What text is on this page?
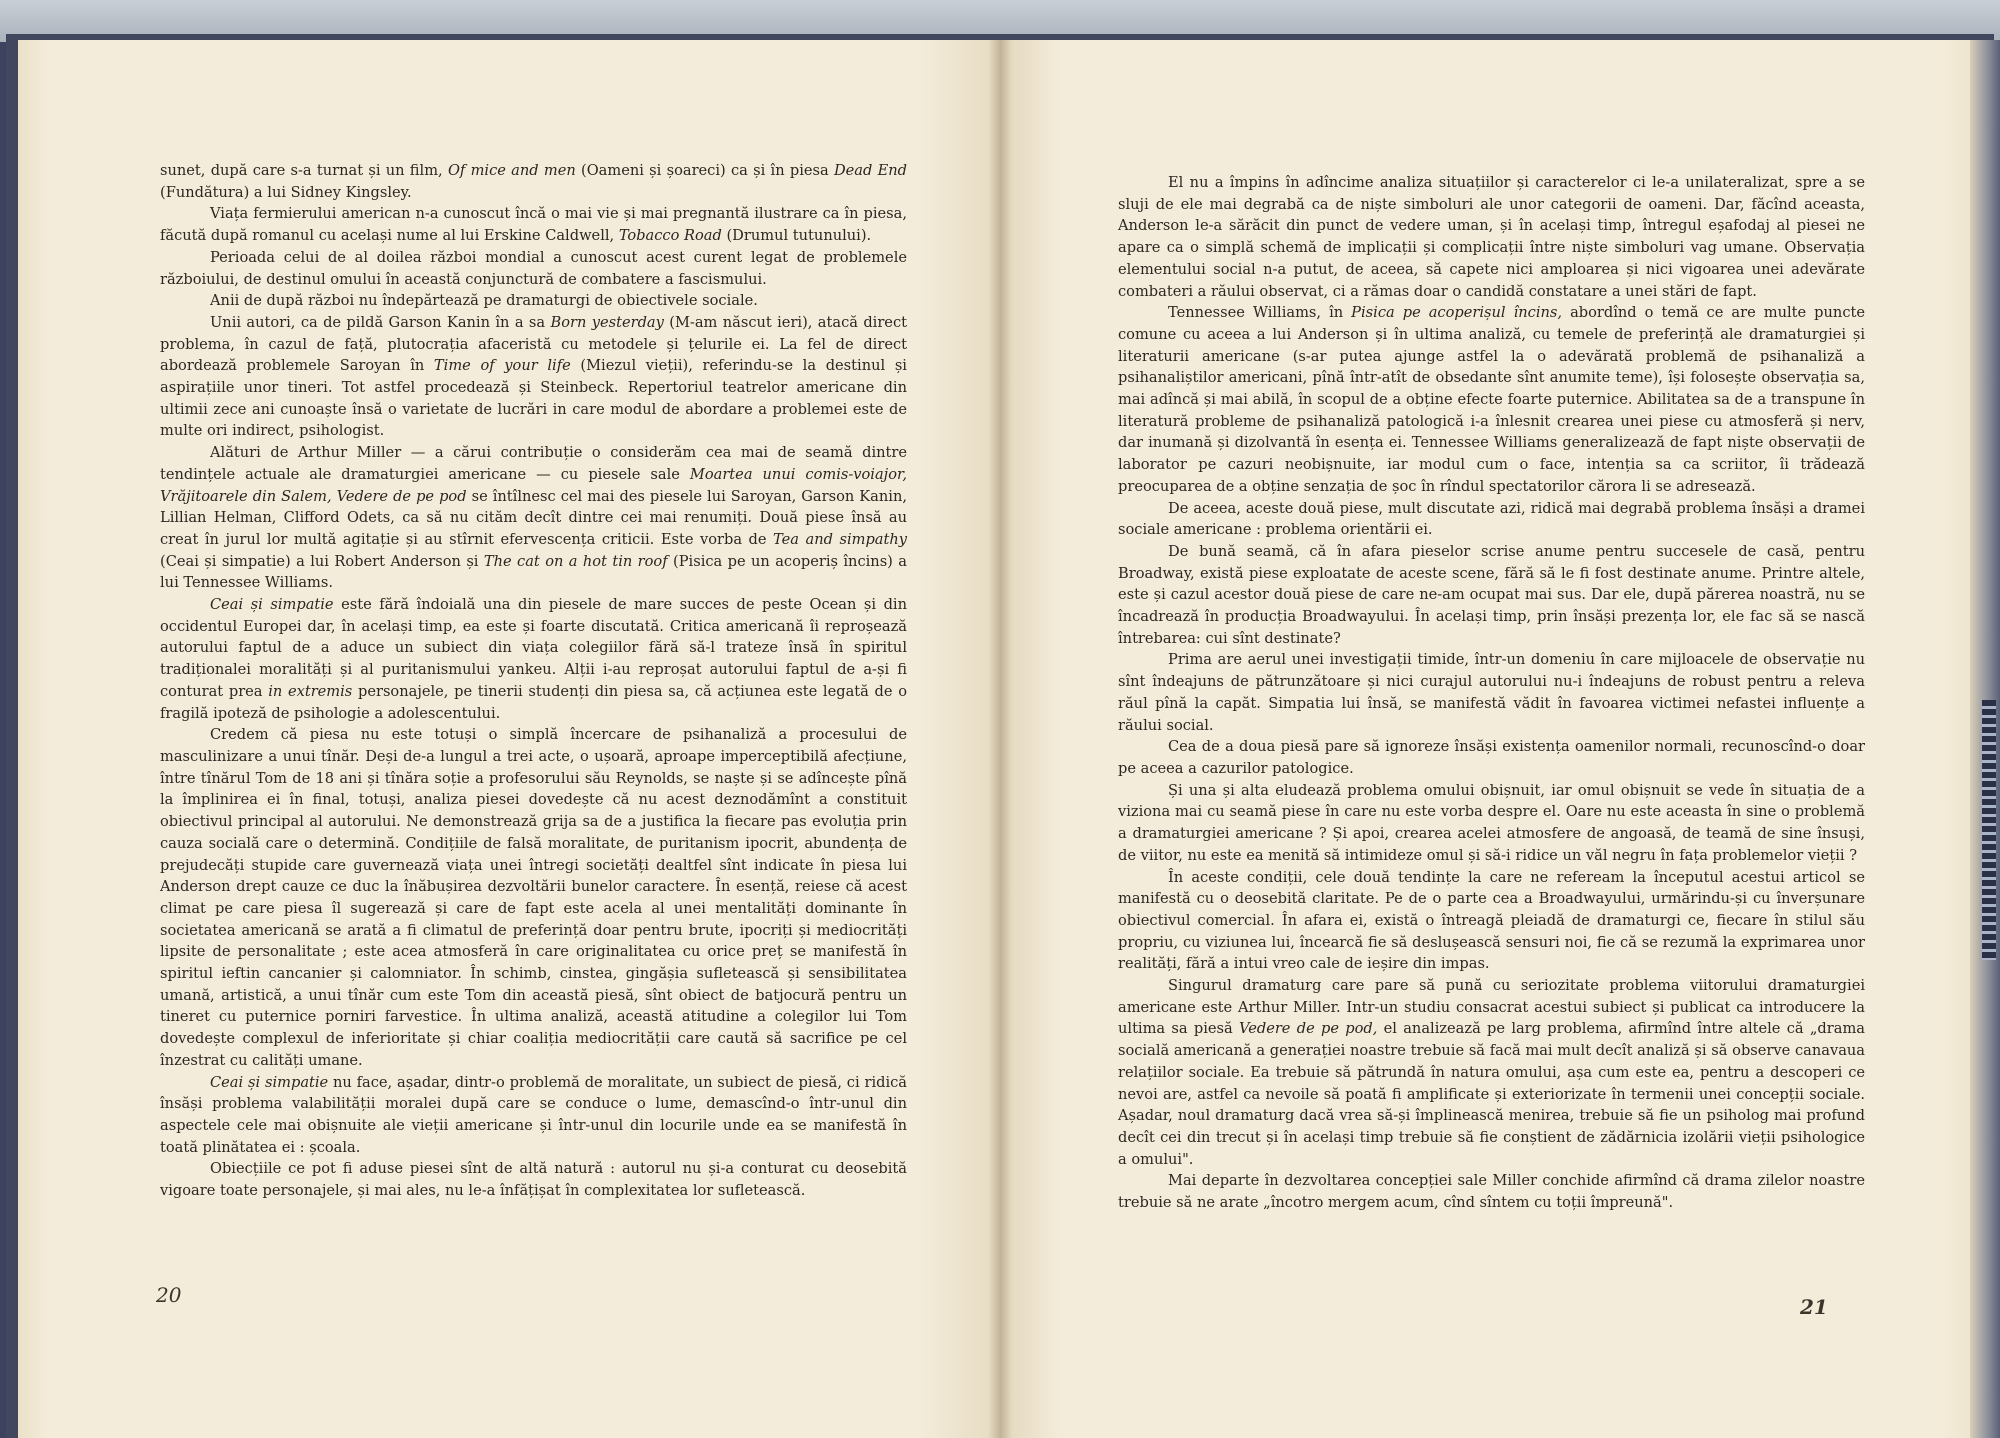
sunet, după care s-a turnat și un film, Of mice and men (Oameni și șoareci) ca și în piesa Dead End (Fundătura) a lui Sidney Kingsley.

Viața fermierului american n-a cunoscut încă o mai vie și mai pregnantă ilustrare ca în piesa, făcută după romanul cu același nume al lui Erskine Caldwell, Tobacco Road (Drumul tutunului).

Perioada celui de al doilea război mondial a cunoscut acest curent legat de problemele războiului, de destinul omului în această conjunctură de combatere a fascismului.

Anii de după război nu îndepărtează pe dramaturgi de obiectivele sociale.

Unii autori, ca de pildă Garson Kanin în a sa Born yesterday (M-am născut ieri), atacă direct problema, în cazul de față, plutocrația afaceristă cu metodele și țelurile ei. La fel de direct abordează problemele Saroyan în Time of your life (Miezul vieții), referindu-se la destinul și aspirațiile unor tineri. Tot astfel procedează și Steinbeck. Repertoriul teatrelor americane din ultimii zece ani cunoaște însă o varietate de lucrări in care modul de abordare a problemei este de multe ori indirect, psihologist.

Alături de Arthur Miller — a cărui contribuție o considerăm cea mai de seamă dintre tendințele actuale ale dramaturgiei americane — cu piesele sale Moartea unui comis-voiajor, Vrăjitoarele din Salem, Vedere de pe pod se întîlnesc cel mai des piesele lui Saroyan, Garson Kanin, Lillian Helman, Clifford Odets, ca să nu cităm decît dintre cei mai renumiți. Două piese însă au creat în jurul lor multă agitație și au stîrnit efervescența criticii. Este vorba de Tea and simpathy (Ceai și simpatie) a lui Robert Anderson și The cat on a hot tin roof (Pisica pe un acoperiș încins) a lui Tennessee Williams.

Ceai și simpatie este fără îndoială una din piesele de mare succes de peste Ocean și din occidentul Europei dar, în același timp, ea este și foarte discutată. Critica americană îi reproșează autorului faptul de a aduce un subiect din viața colegiilor fără să-l trateze însă în spiritul tradiționalei moralități și al puritanismului yankeu. Alții i-au reproșat autorului faptul de a-și fi conturat prea in extremis personajele, pe tinerii studenți din piesa sa, că acțiunea este legată de o fragilă ipoteză de psihologie a adolescentului.

Credem că piesa nu este totuși o simplă încercare de psihanaliză a procesului de masculinizare a unui tînăr. Deși de-a lungul a trei acte, o ușoară, aproape imperceptibilă afecțiune, între tînărul Tom de 18 ani și tînăra soție a profesorului său Reynolds, se naște și se adîncește pînă la împlinirea ei în final, totuși, analiza piesei dovedește că nu acest deznodămînt a constituit obiectivul principal al autorului. Ne demonstrează grija sa de a justifica la fiecare pas evoluția prin cauza socială care o determină. Condițiile de falsă moralitate, de puritanism ipocrit, abundența de prejudecăți stupide care guvernează viața unei întregi societăți dealtfel sînt indicate în piesa lui Anderson drept cauze ce duc la înăbușirea dezvoltării bunelor caractere. În esență, reiese că acest climat pe care piesa îl sugerează și care de fapt este acela al unei mentalități dominante în societatea americană se arată a fi climatul de preferință doar pentru brute, ipocriți și mediocrități lipsite de personalitate ; este acea atmosferă în care originalitatea cu orice preț se manifestă în spiritul ieftin cancanier și calomniator. În schimb, cinstea, gingășia sufletească și sensibilitatea umană, artistică, a unui tînăr cum este Tom din această piesă, sînt obiect de batjocură pentru un tineret cu puternice porniri farvestice. În ultima analiză, această atitudine a colegilor lui Tom dovedește complexul de inferioritate și chiar coaliția mediocrității care caută să sacrifice pe cel înzestrat cu calități umane.

Ceai și simpatie nu face, așadar, dintr-o problemă de moralitate, un subiect de piesă, ci ridică însăși problema valabilității moralei după care se conduce o lume, demascînd-o într-unul din aspectele cele mai obișnuite ale vieții americane și într-unul din locurile unde ea se manifestă în toată plinătatea ei : școala.

Obiecțiile ce pot fi aduse piesei sînt de altă natură : autorul nu și-a conturat cu deosebită vigoare toate personajele, și mai ales, nu le-a înfățișat în complexitatea lor sufletească.

20

El nu a împins în adîncime analiza situațiilor și caracterelor ci le-a unilateralizat, spre a se sluji de ele mai degrabă ca de niște simboluri ale unor categorii de oameni. Dar, făcînd aceasta, Anderson le-a sărăcit din punct de vedere uman, și în același timp, întregul eșafodaj al piesei ne apare ca o simplă schemă de implicații și complicații între niște simboluri vag umane. Observația elementului social n-a putut, de aceea, să capete nici amploarea și nici vigoarea unei adevărate combateri a răului observat, ci a rămas doar o candidă constatare a unei stări de fapt.

Tennessee Williams, în Pisica pe acoperișul încins, abordînd o temă ce are multe puncte comune cu aceea a lui Anderson și în ultima analiză, cu temele de preferință ale dramaturgiei și literaturii americane (s-ar putea ajunge astfel la o adevărată problemă de psihanaliză a psihanaliștilor americani, pînă într-atît de obsedante sînt anumite teme), își folosește observația sa, mai adîncă și mai abilă, în scopul de a obține efecte foarte puternice. Abilitatea sa de a transpune în literatură probleme de psihanaliză patologică i-a înlesnit crearea unei piese cu atmosferă și nerv, dar inumană și dizolvantă în esența ei. Tennessee Williams generalizează de fapt niște observații de laborator pe cazuri neobișnuite, iar modul cum o face, intenția sa ca scriitor, îi trădează preocuparea de a obține senzația de șoc în rîndul spectatorilor cărora li se adresează.

De aceea, aceste două piese, mult discutate azi, ridică mai degrabă problema însăși a dramei sociale americane : problema orientării ei.

De bună seamă, că în afara pieselor scrise anume pentru succesele de casă, pentru Broadway, există piese exploatate de aceste scene, fără să le fi fost destinate anume. Printre altele, este și cazul acestor două piese de care ne-am ocupat mai sus. Dar ele, după părerea noastră, nu se încadrează în producția Broadwayului. În același timp, prin însăși prezența lor, ele fac să se nască întrebarea: cui sînt destinate?

Prima are aerul unei investigații timide, într-un domeniu în care mijloacele de observație nu sînt îndeajuns de pătrunzătoare și nici curajul autorului nu-i îndeajuns de robust pentru a releva răul pînă la capăt. Simpatia lui însă, se manifestă vădit în favoarea victimei nefastei influențe a răului social.

Cea de a doua piesă pare să ignoreze însăși existența oamenilor normali, recunoscînd-o doar pe aceea a cazurilor patologice.

Și una și alta eludează problema omului obișnuit, iar omul obișnuit se vede în situația de a viziona mai cu seamă piese în care nu este vorba despre el. Oare nu este aceasta în sine o problemă a dramaturgiei americane ? Și apoi, crearea acelei atmosfere de angoasă, de teamă de sine însuși, de viitor, nu este ea menită să intimideze omul și să-i ridice un văl negru în fața problemelor vieții ?

În aceste condiții, cele două tendințe la care ne refeream la începutul acestui articol se manifestă cu o deosebită claritate. Pe de o parte cea a Broadwayului, urmărindu-și cu înverșunare obiectivul comercial. În afara ei, există o întreagă pleiadă de dramaturgi ce, fiecare în stilul său propriu, cu viziunea lui, încearcă fie să deslușească sensuri noi, fie că se rezumă la exprimarea unor realități, fără a intui vreo cale de ieșire din impas.

Singurul dramaturg care pare să pună cu seriozitate problema viitorului dramaturgiei americane este Arthur Miller. Intr-un studiu consacrat acestui subiect și publicat ca introducere la ultima sa piesă Vedere de pe pod, el analizează pe larg problema, afirmînd între altele că „drama socială americană a generației noastre trebuie să facă mai mult decît analiză și să observe canavaua relațiilor sociale. Ea trebuie să pătrundă în natura omului, așa cum este ea, pentru a descoperi ce nevoi are, astfel ca nevoile să poată fi amplificate și exteriorizate în termenii unei concepții sociale. Așadar, noul dramaturg dacă vrea să-și împlinească menirea, trebuie să fie un psiholog mai profund decît cei din trecut și în același timp trebuie să fie conștient de zădărnicia izolării vieții psihologice a omului".

Mai departe în dezvoltarea concepției sale Miller conchide afirmînd că drama zilelor noastre trebuie să ne arate „încotro mergem acum, cînd sîntem cu toții împreună".

21
